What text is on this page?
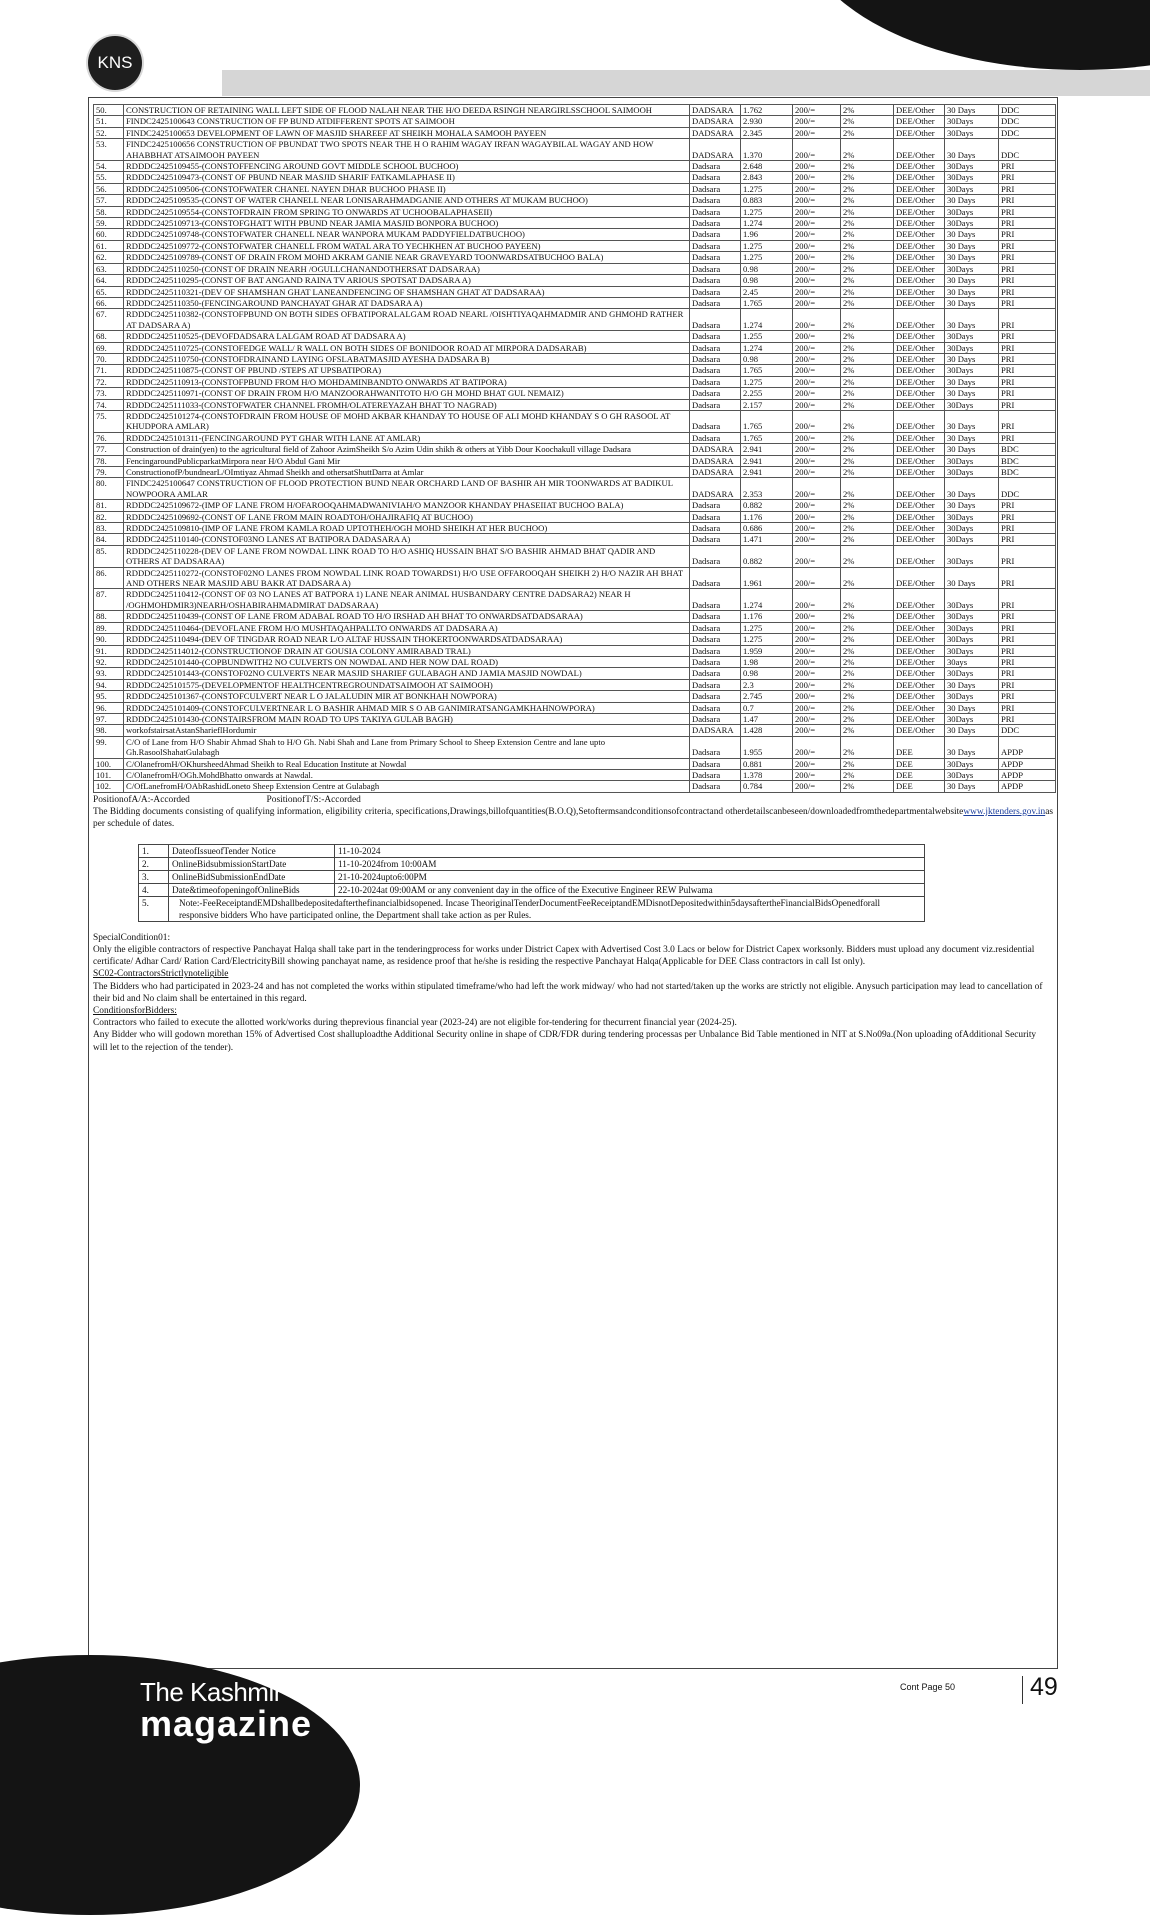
KNS
50.	CONSTRUCTION OF RETAINING WALL LEFT SIDE OF FLOOD NALAH NEAR THE H/O DEEDA RSINGH NEARGIRLSSCHOOL SAIMOOH	DADSARA	1.762	200/=	2%	DEE/Other	30 Days	DDC
51.	FINDC2425100643 CONSTRUCTION OF FP BUND ATDIFFERENT SPOTS AT SAIMOOH	DADSARA	2.930	200/=	2%	DEE/Other	30Days	DDC
52.	FINDC2425100653 DEVELOPMENT OF LAWN OF MASJID SHAREEF AT SHEIKH MOHALA SAMOOH PAYEEN	DADSARA	2.345	200/=	2%	DEE/Other	30Days	DDC
53.	FINDC2425100656 CONSTRUCTION OF PBUNDAT TWO SPOTS NEAR THE H O RAHIM WAGAY IRFAN WAGAYBILAL WAGAY AND HOW AHABBHAT ATSAIMOOH PAYEEN	DADSARA	1.370	200/=	2%	DEE/Other	30 Days	DDC
54.	RDDDC2425109455-(CONSTOFFENCING AROUND GOVT MIDDLE SCHOOL BUCHOO)	Dadsara	2.648	200/=	2%	DEE/Other	30Days	PRI
55.	RDDDC2425109473-(CONST OF PBUND NEAR MASJID SHARIF FATKAMLAPHASE II)	Dadsara	2.843	200/=	2%	DEE/Other	30Days	PRI
56.	RDDDC2425109506-(CONSTOFWATER CHANEL NAYEN DHAR BUCHOO PHASE II)	Dadsara	1.275	200/=	2%	DEE/Other	30Days	PRI
57.	RDDDC2425109535-(CONST OF WATER CHANELL NEAR LONISARAHMADGANIE AND OTHERS AT MUKAM BUCHOO)	Dadsara	0.883	200/=	2%	DEE/Other	30 Days	PRI
58.	RDDDC2425109554-(CONSTOFDRAIN FROM SPRING TO ONWARDS AT UCHOOBALAPHASEII)	Dadsara	1.275	200/=	2%	DEE/Other	30Days	PRI
59.	RDDDC2425109713-(CONSTOFGHATT WITH PBUND NEAR JAMIA MASJID BONPORA BUCHOO)	Dadsara	1.274	200/=	2%	DEE/Other	30Days	PRI
60.	RDDDC2425109748-(CONSTOFWATER CHANELL NEAR WANPORA MUKAM PADDYFIELDATBUCHOO)	Dadsara	1.96	200/=	2%	DEE/Other	30 Days	PRI
61.	RDDDC2425109772-(CONSTOFWATER CHANELL FROM WATAL ARA TO YECHKHEN AT BUCHOO PAYEEN)	Dadsara	1.275	200/=	2%	DEE/Other	30 Days	PRI
62.	RDDDC2425109789-(CONST OF DRAIN FROM MOHD AKRAM GANIE NEAR GRAVEYARD TOONWARDSATBUCHOO BALA)	Dadsara	1.275	200/=	2%	DEE/Other	30 Days	PRI
63.	RDDDC2425110250-(CONST OF DRAIN NEARH /OGULLCHANANDOTHERSAT DADSARAA)	Dadsara	0.98	200/=	2%	DEE/Other	30Days	PRI
64.	RDDDC2425110295-(CONST OF BAT ANGAND RAINA TV ARIOUS SPOTSAT DADSARA A)	Dadsara	0.98	200/=	2%	DEE/Other	30 Days	PRI
65.	RDDDC2425110321-(DEV OF SHAMSHAN GHAT LANEANDFENCING OF SHAMSHAN GHAT AT DADSARAA)	Dadsara	2.45	200/=	2%	DEE/Other	30 Days	PRI
66.	RDDDC2425110350-(FENCINGAROUND PANCHAYAT GHAR AT DADSARA A)	Dadsara	1.765	200/=	2%	DEE/Other	30 Days	PRI
67.	RDDDC2425110382-(CONSTOFPBUND ON BOTH SIDES OFBATIPORALALGAM ROAD NEARL /OISHTIYAQAHMADMIR AND GHMOHD RATHER AT DADSARA A)	Dadsara	1.274	200/=	2%	DEE/Other	30 Days	PRI
68.	RDDDC2425110525-(DEVOFDADSARA LALGAM ROAD AT DADSARA A)	Dadsara	1.255	200/=	2%	DEE/Other	30Days	PRI
69.	RDDDC2425110725-(CONSTOFEDGE WALL/ R WALL ON BOTH SIDES OF BONIDOOR ROAD AT MIRPORA DADSARAB)	Dadsara	1.274	200/=	2%	DEE/Other	30Days	PRI
70.	RDDDC2425110750-(CONSTOFDRAINAND LAYING OFSLABATMASJID AYESHA DADSARA B)	Dadsara	0.98	200/=	2%	DEE/Other	30 Days	PRI
71.	RDDDC2425110875-(CONST OF PBUND /STEPS AT UPSBATIPORA)	Dadsara	1.765	200/=	2%	DEE/Other	30Days	PRI
72.	RDDDC2425110913-(CONSTOFPBUND FROM H/O MOHDAMINBANDTO ONWARDS AT BATIPORA)	Dadsara	1.275	200/=	2%	DEE/Other	30 Days	PRI
73.	RDDDC2425110971-(CONST OF DRAIN FROM H/O MANZOORAHWANITOTO H/O GH MOHD BHAT GUL NEMAIZ)	Dadsara	2.255	200/=	2%	DEE/Other	30 Days	PRI
74.	RDDDC2425111033-(CONSTOFWATER CHANNEL FROMH/OLATEREYAZAH BHAT TO NAGRAD)	Dadsara	2.157	200/=	2%	DEE/Other	30Days	PRI
75.	RDDDC2425101274-(CONSTOFDRAIN FROM HOUSE OF MOHD AKBAR KHANDAY TO HOUSE OF ALI MOHD KHANDAY S O GH RASOOL AT KHUDPORA AMLAR)	Dadsara	1.765	200/=	2%	DEE/Other	30 Days	PRI
76.	RDDDC2425101311-(FENCINGAROUND PYT GHAR WITH LANE AT AMLAR)	Dadsara	1.765	200/=	2%	DEE/Other	30 Days	PRI
77.	Construction of drain(yen) to the agricultural field of Zahoor AzimSheikh S/o Azim Udin shikh & others at Yibb Dour Koochakull village Dadsara	DADSARA	2.941	200/=	2%	DEE/Other	30 Days	BDC
78.	FencingaroundPublicparkatMirpora near H/O Abdul Gani Mir	DADSARA	2.941	200/=	2%	DEE/Other	30Days	BDC
79.	ConstructionofP/bundnearL/OImtiyaz Ahmad Sheikh and othersatShuttDarra at Amlar	DADSARA	2.941	200/=	2%	DEE/Other	30Days	BDC
80.	FINDC2425100647 CONSTRUCTION OF FLOOD PROTECTION BUND NEAR ORCHARD LAND OF BASHIR AH MIR TOONWARDS AT BADIKUL NOWPOORA AMLAR	DADSARA	2.353	200/=	2%	DEE/Other	30 Days	DDC
81.	RDDDC2425109672-(IMP OF LANE FROM H/OFAROOQAHMADWANIVIAH/O MANZOOR KHANDAY PHASEIIAT BUCHOO BALA)	Dadsara	0.882	200/=	2%	DEE/Other	30 Days	PRI
82.	RDDDC2425109692-(CONST OF LANE FROM MAIN ROADTOH/OHAJIRAFIQ AT BUCHOO)	Dadsara	1.176	200/=	2%	DEE/Other	30Days	PRI
83.	RDDDC2425109810-(IMP OF LANE FROM KAMLA ROAD UPTOTHEH/OGH MOHD SHEIKH AT HER BUCHOO)	Dadsara	0.686	200/=	2%	DEE/Other	30Days	PRI
84.	RDDDC2425110140-(CONSTOF03NO LANES AT BATIPORA DADASARA A)	Dadsara	1.471	200/=	2%	DEE/Other	30Days	PRI
85.	RDDDC2425110228-(DEV OF LANE FROM NOWDAL LINK ROAD TO H/O ASHIQ HUSSAIN BHAT S/O BASHIR AHMAD BHAT QADIR AND OTHERS AT DADSARAA)	Dadsara	0.882	200/=	2%	DEE/Other	30Days	PRI
86.	RDDDC2425110272-(CONSTOF02NO LANES FROM NOWDAL LINK ROAD TOWARDS1) H/O USE OFFAROOQAH SHEIKH 2) H/O NAZIR AH BHAT AND OTHERS NEAR MASJID ABU BAKR AT DADSARA A)	Dadsara	1.961	200/=	2%	DEE/Other	30 Days	PRI
87.	RDDDC2425110412-(CONST OF 03 NO LANES AT BATPORA 1) LANE NEAR ANIMAL HUSBANDARY CENTRE DADSARA2) NEAR H /OGHMOHDMIR3)NEARH/OSHABIRAHMADMIRAT DADSARAA)	Dadsara	1.274	200/=	2%	DEE/Other	30Days	PRI
88.	RDDDC2425110439-(CONST OF LANE FROM ADABAL ROAD TO H/O IRSHAD AH BHAT TO ONWARDSATDADSARAA)	Dadsara	1.176	200/=	2%	DEE/Other	30Days	PRI
89.	RDDDC2425110464-(DEVOFLANE FROM H/O MUSHTAQAHPALLTO ONWARDS AT DADSARA A)	Dadsara	1.275	200/=	2%	DEE/Other	30Days	PRI
90.	RDDDC2425110494-(DEV OF TINGDAR ROAD NEAR L/O ALTAF HUSSAIN THOKERTOONWARDSATDADSARAA)	Dadsara	1.275	200/=	2%	DEE/Other	30Days	PRI
91.	RDDDC2425114012-(CONSTRUCTIONOF DRAIN AT GOUSIA COLONY AMIRABAD TRAL)	Dadsara	1.959	200/=	2%	DEE/Other	30Days	PRI
92.	RDDDC2425101440-(COPBUNDWITH2 NO CULVERTS ON NOWDAL AND HER NOW DAL ROAD)	Dadsara	1.98	200/=	2%	DEE/Other	30ays	PRI
93.	RDDDC2425101443-(CONSTOF02NO CULVERTS NEAR MASJID SHARIEF GULABAGH AND JAMIA MASJID NOWDAL)	Dadsara	0.98	200/=	2%	DEE/Other	30Days	PRI
94.	RDDDC2425101575-(DEVELOPMENTOF HEALTHCENTREGROUNDATSAIMOOH AT SAIMOOH)	Dadsara	2.3	200/=	2%	DEE/Other	30 Days	PRI
95.	RDDDC2425101367-(CONSTOFCULVERT NEAR L O JALALUDIN MIR AT BONKHAH NOWPORA)	Dadsara	2.745	200/=	2%	DEE/Other	30Days	PRI
96.	RDDDC2425101409-(CONSTOFCULVERTNEAR L O BASHIR AHMAD MIR S O AB GANIMIRATSANGAMKHAHNOWPORA)	Dadsara	0.7	200/=	2%	DEE/Other	30 Days	PRI
97.	RDDDC2425101430-(CONSTAIRSFROM MAIN ROAD TO UPS TAKIYA GULAB BAGH)	Dadsara	1.47	200/=	2%	DEE/Other	30Days	PRI
98.	workofstairsatAstanSharieflHordumir	DADSARA	1.428	200/=	2%	DEE/Other	30 Days	DDC
99.	C/O of Lane from H/O Shabir Ahmad Shah to H/O Gh. Nabi Shah and Lane from Primary School to Sheep Extension Centre and lane upto Gh.RasoolShahatGulabagh	Dadsara	1.955	200/=	2%	DEE	30 Days	APDP
100.	C/OlanefromH/OKhursheedAhmad Sheikh to Real Education Institute at Nowdal	Dadsara	0.881	200/=	2%	DEE	30Days	APDP
101.	C/OlanefromH/OGh.MohdBhatto onwards at Nawdal.	Dadsara	1.378	200/=	2%	DEE	30Days	APDP
102.	C/OfLanefromH/OAbRashidLoneto Sheep Extension Centre at Gulabagh	Dadsara	0.784	200/=	2%	DEE	30 Days	APDP

PositionofA/A:-Accorded	PositionofT/S:-Accorded

The Bidding documents consisting of qualifying information, eligibility criteria, specifications,Drawings,billofquantities(B.O.Q),Setoftermsandconditionsofcontractand otherdetailscanbeseen/downloadedfromthedepartmentalwebsitewww.jktenders.gov.inas per schedule of dates.

1.	DateofIssueofTender Notice	11-10-2024
2.	OnlineBidsubmissionStartDate	11-10-2024from 10:00AM
3.	OnlineBidSubmissionEndDate	21-10-2024upto6:00PM
4.	Date&timeofopeningofOnlineBids	22-10-2024at 09:00AM or any convenient day in the office of the Executive Engineer REW Pulwama
5.	Note:-FeeReceiptandEMDshallbedepositedafterthefinancialbidsopened. Incase TheoriginalTenderDocumentFeeReceiptandEMDisnotDepositedwithin5daysaftertheFinancialBidsOpenedforall responsive bidders Who have participated online, the Department shall take action as per Rules.	

SpecialCondition01:

Only the eligible contractors of respective Panchayat Halqa shall take part in the tenderingprocess for works under District Capex with Advertised Cost 3.0 Lacs or below for District Capex worksonly. Bidders must upload any document viz.residential certificate/ Adhar Card/ Ration Card/ElectricityBill showing panchayat name, as residence proof that he/she is residing the respective Panchayat Halqa(Applicable for DEE Class contractors in call Ist only).

SC02-ContractorsStrictlynoteligible

The Bidders who had participated in 2023-24 and has not completed the works within stipulated timeframe/who had left the work midway/ who had not started/taken up the works are strictly not eligible. Anysuch participation may lead to cancellation of their bid and No claim shall be entertained in this regard.

ConditionsforBidders:

Contractors who failed to execute the allotted work/works during theprevious financial year (2023-24) are not eligible for-tendering for thecurrent financial year (2024-25).

Any Bidder who will godown morethan 15% of Advertised Cost shalluploadthe Additional Security online in shape of CDR/FDR during tendering processas per Unbalance Bid Table mentioned in NIT at S.No09a.(Non uploading ofAdditional Security will let to the rejection of the tender).

The Kashmir
magazine
Cont Page 50	49
